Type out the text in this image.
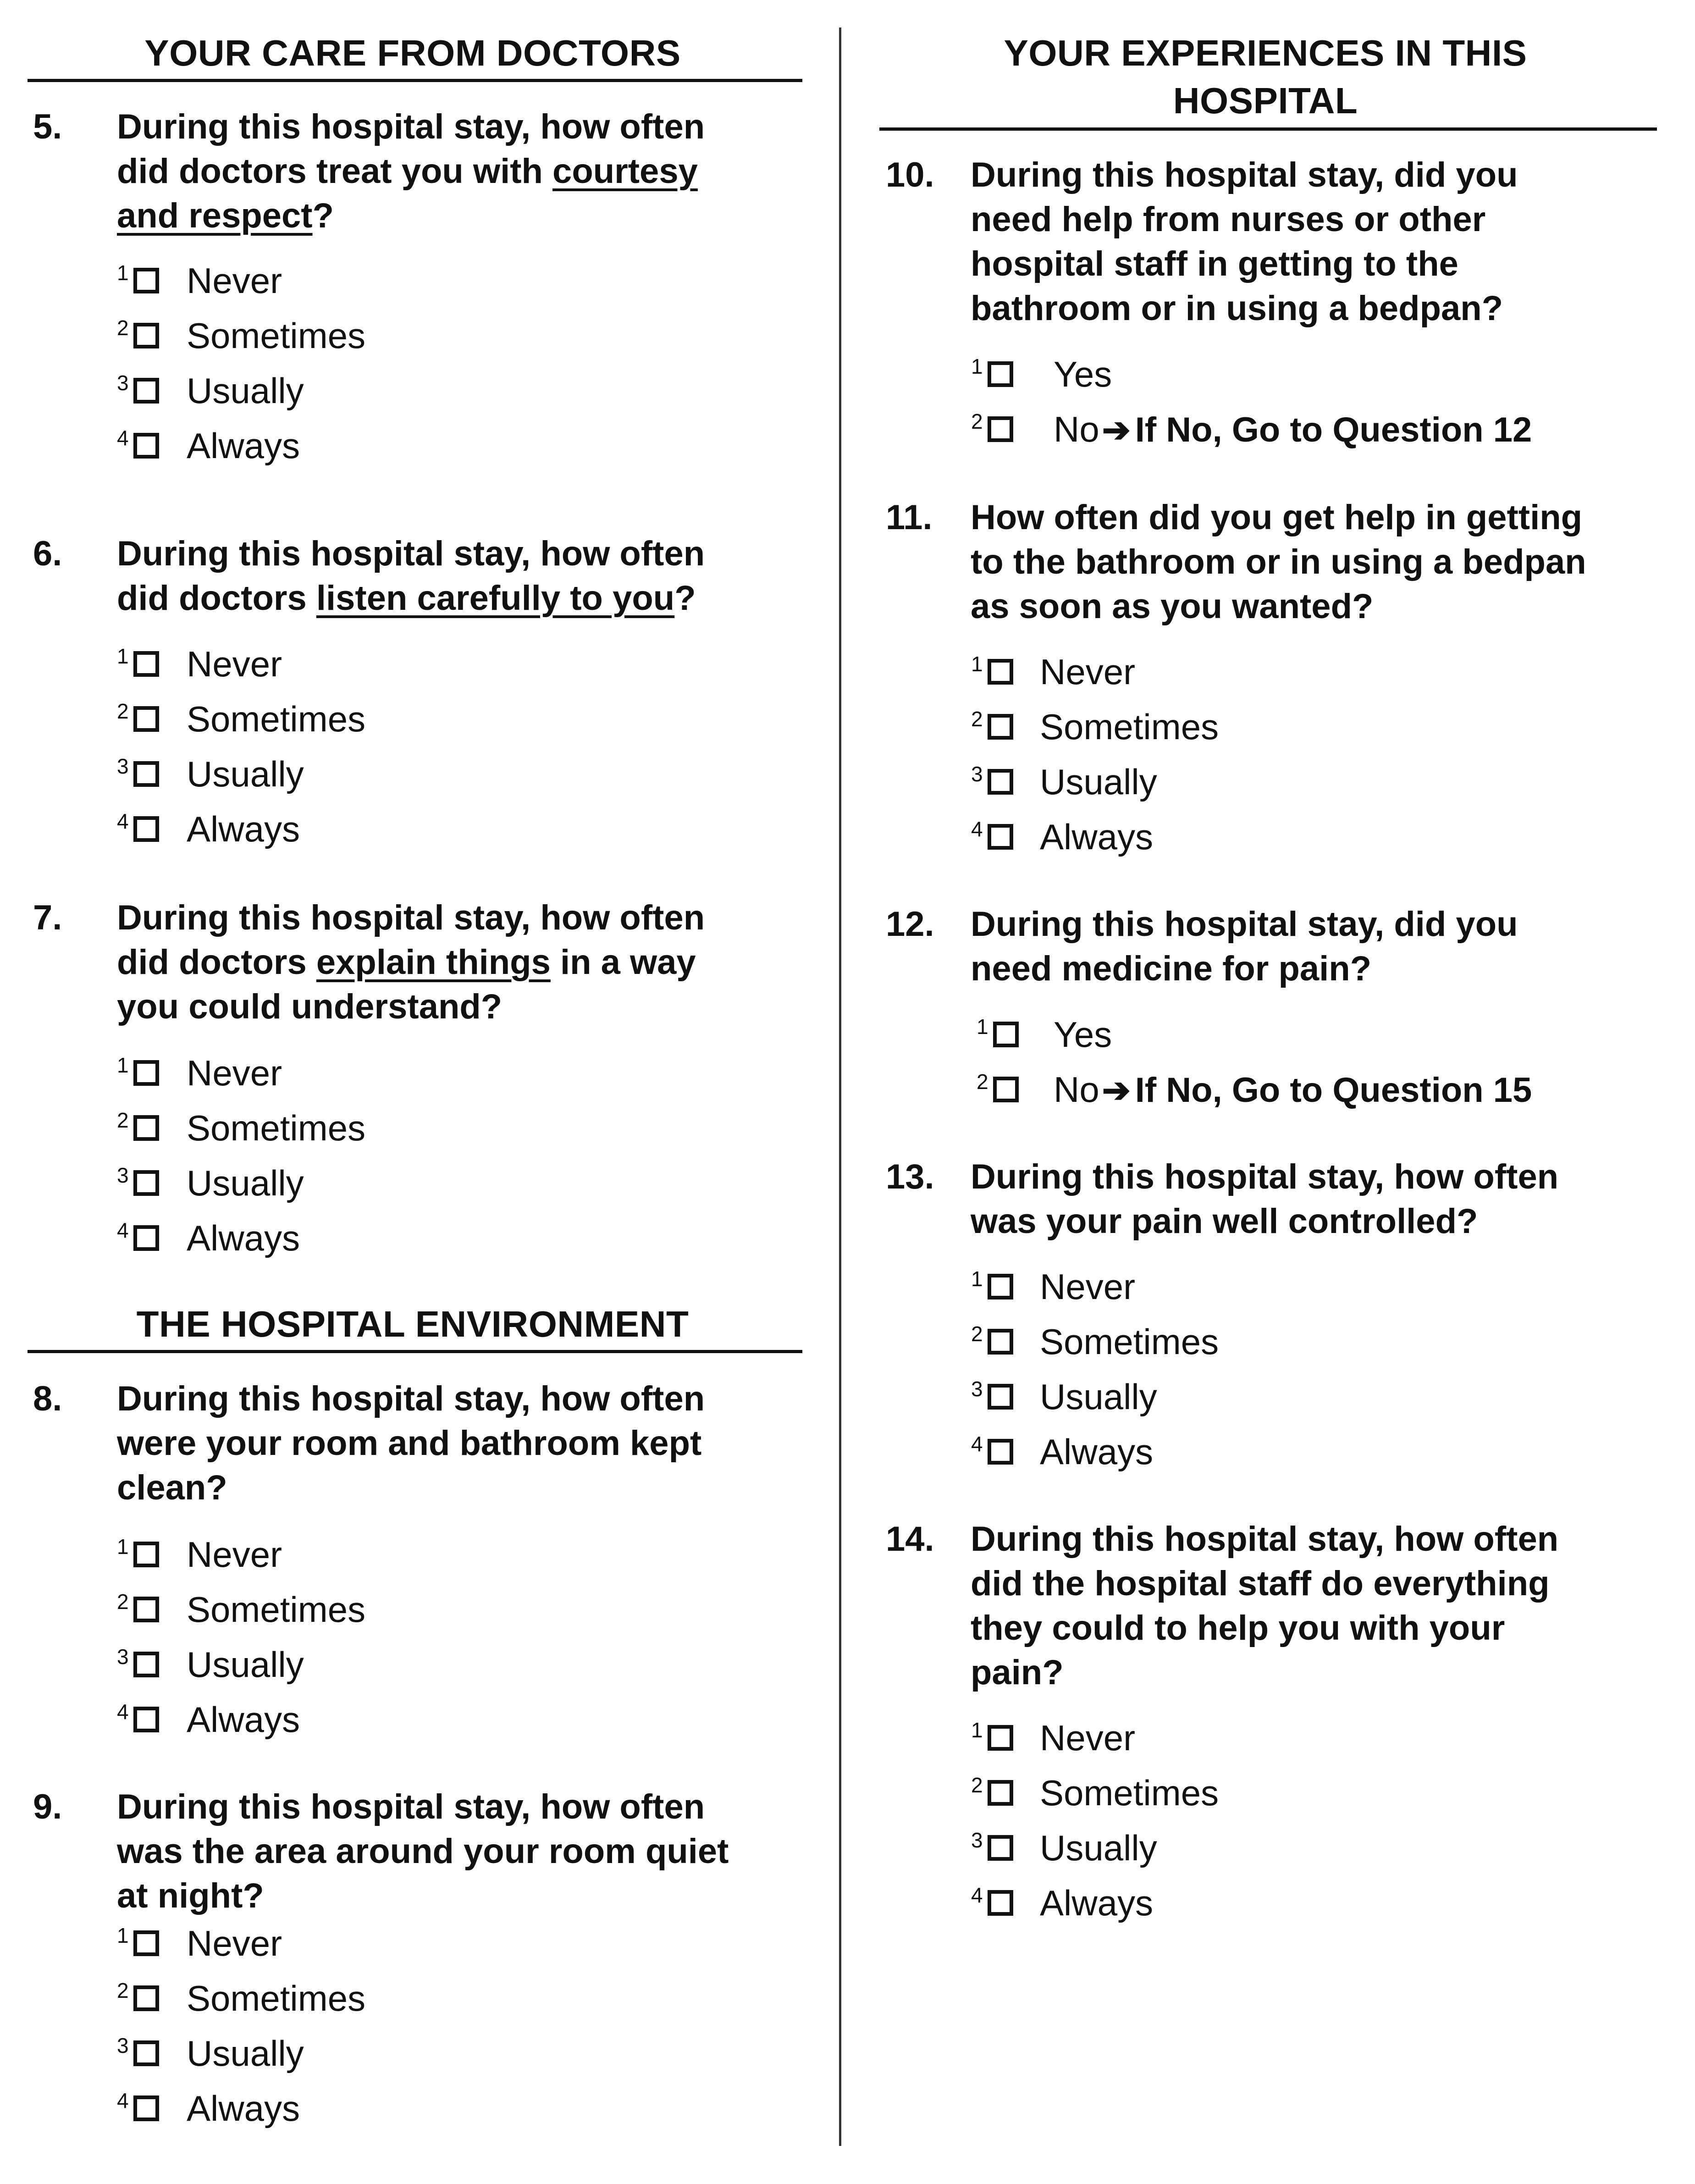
YOUR CARE FROM DOCTORS
5. During this hospital stay, how often
did doctors treat you with courtesy
and respect?
1 Never
2 Sometimes
3 Usually
4 Always
6. During this hospital stay, how often
did doctors listen carefully to you?
1 Never
2 Sometimes
3 Usually
4 Always
7. During this hospital stay, how often
did doctors explain things in a way
you could understand?
1 Never
2 Sometimes
3 Usually
4 Always
THE HOSPITAL ENVIRONMENT
8. During this hospital stay, how often
were your room and bathroom kept
clean?
1 Never
2 Sometimes
3 Usually
4 Always
9. During this hospital stay, how often
was the area around your room quiet
at night?
1 Never
2 Sometimes
3 Usually
4 Always
YOUR EXPERIENCES IN THIS
HOSPITAL
10. During this hospital stay, did you
need help from nurses or other
hospital staff in getting to the
bathroom or in using a bedpan?
1 Yes
2 No➔ If No, Go to Question 12
11. How often did you get help in getting
to the bathroom or in using a bedpan
as soon as you wanted?
1 Never
2 Sometimes
3 Usually
4 Always
12. During this hospital stay, did you
need medicine for pain?
1 Yes
2 No➔ If No, Go to Question 15
13. During this hospital stay, how often
was your pain well controlled?
1 Never
2 Sometimes
3 Usually
4 Always
14. During this hospital stay, how often
did the hospital staff do everything
they could to help you with your
pain?
1 Never
2 Sometimes
3 Usually
4 Always
